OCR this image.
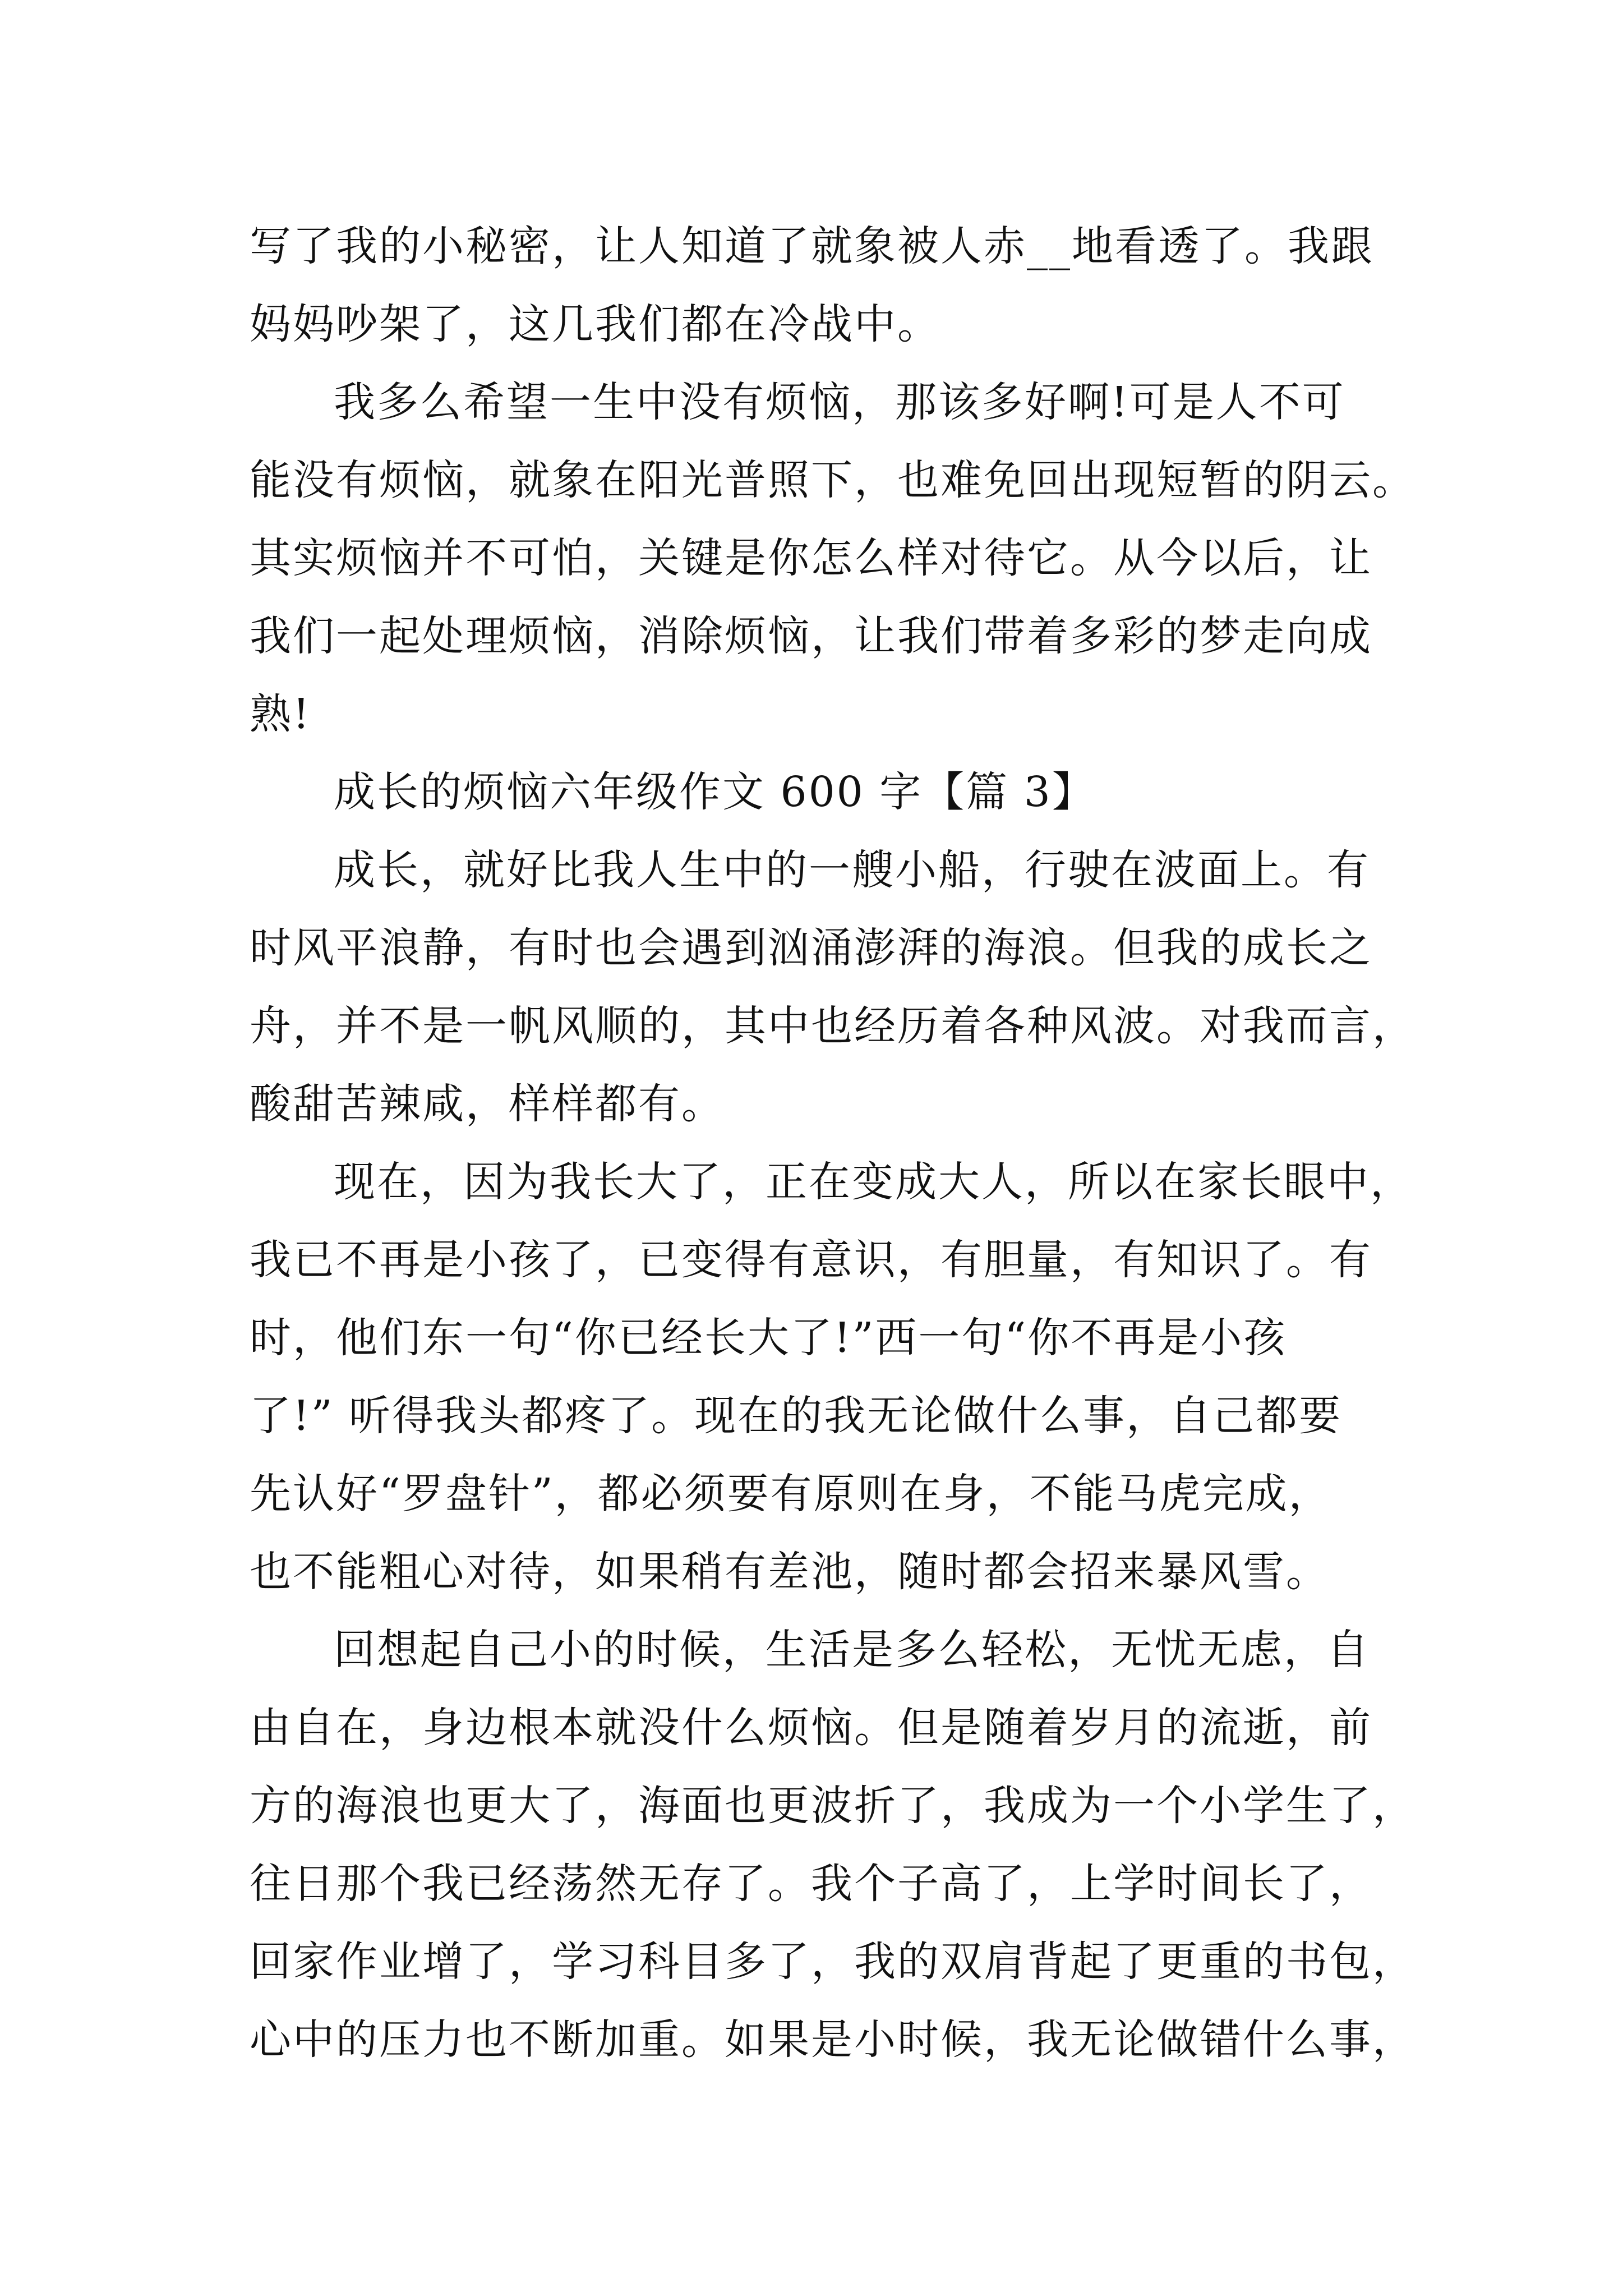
写了我的小秘密，让人知道了就象被人赤__地看透了。我跟
妈妈吵架了，这几我们都在冷战中。
我多么希望一生中没有烦恼，那该多好啊!可是人不可
能没有烦恼，就象在阳光普照下，也难免回出现短暂的阴云。
其实烦恼并不可怕，关键是你怎么样对待它。从今以后，让
我们一起处理烦恼，消除烦恼，让我们带着多彩的梦走向成
熟!
成长的烦恼六年级作文 600 字【篇 3】
成长，就好比我人生中的一艘小船，行驶在波面上。有
时风平浪静，有时也会遇到汹涌澎湃的海浪。但我的成长之
舟，并不是一帆风顺的，其中也经历着各种风波。对我而言，
酸甜苦辣咸，样样都有。
现在，因为我长大了，正在变成大人，所以在家长眼中，
我已不再是小孩了，已变得有意识，有胆量，有知识了。有
时，他们东一句“你已经长大了!”西一句“你不再是小孩
了!” 听得我头都疼了。现在的我无论做什么事，自己都要
先认好“罗盘针”，都必须要有原则在身，不能马虎完成，
也不能粗心对待，如果稍有差池，随时都会招来暴风雪。
回想起自己小的时候，生活是多么轻松，无忧无虑，自
由自在，身边根本就没什么烦恼。但是随着岁月的流逝，前
方的海浪也更大了，海面也更波折了，我成为一个小学生了，
往日那个我已经荡然无存了。我个子高了，上学时间长了，
回家作业增了，学习科目多了，我的双肩背起了更重的书包，
心中的压力也不断加重。如果是小时候，我无论做错什么事，
